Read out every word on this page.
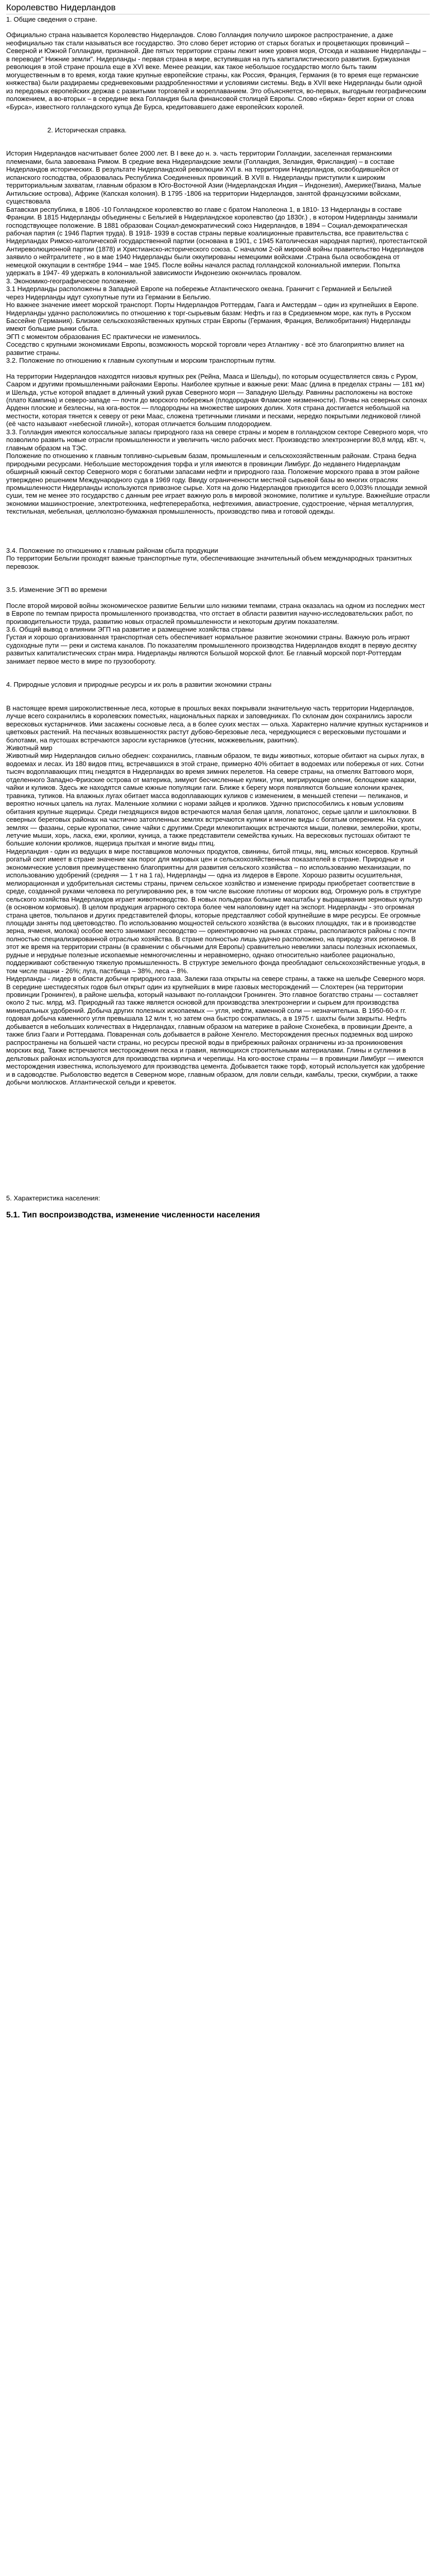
Королевство Нидерландов

1. Общие сведения о стране.

Официально страна называется Королевство Нидерландов. Слово Голландия получило широкое распространение, а даже неофициально так стали называться все государство. Это слово берет историю от старых богатых и процветающих провинций – Северной и Южной Голландии, признаной. Две пятых территории страны лежит ниже уровня моря, Отсюда и название Нидерланды – в переводе" Нижние земли". Нидерланды - первая страна в мире, вступившая на путь капиталистического развития. Буржуазная революция в этой стране прошла еще в ХVI веке. Менее реакции, как такое небольшое государство могло быть таким могущественным в то время, когда такие крупные европейские страны, как Россия, Франция, Германия (в то время еще германские княжества) были раздираемы средневековыми раздробленностями и условиями системы. Ведь в XVII веке Нидерланды были одной из передовых европейских держав с развитыми торговлей и мореплаванием. Это объясняется, во-первых, выгодным географическим положением, а во-вторых – в середине века Голландия была финансовой столицей Европы. Слово «биржа» берет корни от слова «Бурса», известного голландского купца Де Бурса, кредитовавшего даже европейских королей.

2. Историческая справка.

История Нидерландов насчитывает более 2000 лет. В I веке до н. э. часть территории Голландии, заселенная германскими племенами, была завоевана Римом. В средние века Нидерландские земли (Голландия, Зеландия, Фрисландия) – в составе Нидерландов исторических. В результате Нидерландской революции XVI в. на территории Нидерландов, освободившейся от испанского господства, образовалась Республика Соединенных провинций. В XVII в. Нидерланды приступили к широким территориальным захватам, главным образом в Юго-Восточной Азии (Нидерландская Индия – Индонезия), Америке(Гвиана, Малые Антильские острова), Африке (Капская колония). В 1795 -1806 на территории Нидерландов, занятой французскими войсками, существовала

Батавская республика, в 1806 -10 Голландское королевство во главе с братом Наполеона 1, в 1810- 13 Нидерланды в составе Франции. В 1815 Нидерланды объединены с Бельгией в Нидерландское королевство (до 1830г.) , в котором Нидерланды занимали господствующее положение. В 1881 образован Социал-демократический союз Нидерландов, в 1894 – Социал-демократическая рабочая партия (с 1946 Партия труда). В 1918- 1939 в состав страны первые коалиционные правительства, все правительства с Нидерландах Римско-католической государственной партии (основана в 1901, с 1945 Католическая народная партия), протестантской Антиреволюционной партии (1878) и Христианско-исторического союза. С началом 2-ой мировой войны правительство Нидерландов заявило о нейтралитете , но в мае 1940 Нидерланды были оккупированы немецкими войсками .Страна была освобождена от немецкой оккупации в сентябре 1944 – мае 1945. После войны начался распад голландской колониальной империи. Попытка удержать в 1947- 49 удержать в колониальной зависимости Индонезию окончилась провалом.

3. Экономико-географическое положение.

3.1 Нидерланды расположены в Западной Европе на побережье Атлантического океана. Граничит с Германией и Бельгией

через Нидерланды идут сухопутные пути из Германии в Бельгию.

Но важнее значение имеет морской транспорт. Порты Нидерландов Роттердам, Гаага и Амстердам – один из крупнейших в Европе.

Нидерланды удачно расположились по отношению к торг-сырьевым базам: Нефть и газ в Средиземном море, как путь в Русском Бассейне (Германия). Близкие сельскохозяйственных крупных стран Европы (Германия, Франция, Великобритания) Нидерланды имеют большие рынки сбыта.

ЭГП с моментом образования ЕС практически не изменилось.

Соседство с крупными экономиками Европы, возможность морской торговли через Атлантику - всё это благоприятно влияет на развитие страны.

3.2. Положение по отношению к главным сухопутным и морским транспортным путям.

На территории Нидерландов находятся низовья крупных рек (Рейна, Мааса и Шельды), по которым осуществляется связь с Руром, Сааром и другими промышленными районами Европы. Наиболее крупные и важные реки: Маас (длина в пределах страны — 181 км) и Шельда, устье которой впадает в длинный узкий рукав Северного моря — Западную Шельду. Равнины расположены на востоке (плато Кампина) и северо-западе — почти до морского побережья (плодородная Фламские низменности). Почвы на северных склонах Арденн плоские и безлесны, на юга-восток — плодородны на множестве широких долин. Хотя страна достигается небольшой на местности, которая тянется к северу от реки Маас, сложена третичными глинами и песками, нередко покрытыми ледниковой глиной (её часто называют «небесной глиной»), которая отличается большим плодородием.

3.3. Голландия имеются колоссальные запасы природного газа на севере страны и морем в голландском секторе Северного моря, что позволило развить новые отрасли промышленности и увеличить число рабочих мест. Производство электроэнергии 80,8 млрд. кВт. ч, главным образом на ТЭС.

Положение по отношению к главным топливно-сырьевым базам, промышленным и сельскохозяйственным районам. Страна бедна природными ресурсами. Небольшие месторождения торфа и угля имеются в провинции Лимбург. До недавнего Нидерландам обширный южный сектор Северного моря с богатыми запасами нефти и природного газа. Положение морского права в этом районе утверждено решением Международного суда в 1969 году. Ввиду ограниченности местной сырьевой базы во многих отраслях промышленности Нидерланды используются привозное сырье. Хотя на долю Нидерландов приходится всего 0,003% площади земной суши, тем не менее это государство с данным рее играет важную роль в мировой экономике, политике и культуре. Важнейшие отрасли экономики машиностроение, электротехника, нефтепереработка, нефтехимия, авиастроение, судостроение, чёрная металлургия, текстильная, мебельная, целлюлозно-бумажная промышленность, производство пива и готовой одежды.

3.4. Положение по отношению к главным районам сбыта продукции

По территории Бельгии проходят важные транспортные пути, обеспечивающие значительный объем международных транзитных перевозок.

3.5. Изменение ЭГП во времени

После второй мировой войны экономическое развитие Бельгии шло низкими темпами, страна оказалась на одном из последних мест в Европе по темпам прироста промышленного производства, что отстает в области развития научно-исследовательских работ, по производительности труда, развитию новых отраслей промышленности и некоторым другим показателям.

3.6. Общий вывод о влиянии ЭГП на развитие и размещение хозяйства страны

Густая и хорошо организованная транспортная сеть обеспечивает нормальное развитие экономики страны. Важную роль играют судоходные пути — реки и система каналов. По показателям промышленного производства Нидерландов входят в первую десятку развитых капиталистических стран мира. Нидерланды являются Большой морской флот. Бе главный морской порт-Роттердам занимает первое место в мире по грузообороту.

4. Природные условия и природные ресурсы и их роль в развитии экономики страны

В настоящее время широколиственные леса, которые в прошлых веках покрывали значительную часть территории Нидерландов, лучше всего сохранились в королевских поместьях, национальных парках и заповедниках. По склонам дюн сохранились заросли вересковых кустарничков. Ими засажены сосновые леса, а в более сухих местах — ольха. Характерно наличие крупных кустарников и цветковых растений. На песчаных возвышенностях растут дубово-березовые леса, чередующиеся с вересковыми пустошами и болотами, на пустошах встречаются заросли кустарников (утесник, можжевельник, ракитник).

Животный мир

Животный мир Нидерландов сильно обеднен: сохранились, главным образом, те виды животных, которые обитают на сырых лугах, в водоемах и лесах. Из 180 видов птиц, встречавшихся в этой стране, примерно 40% обитает в водоемах или побережья от них. Сотни тысяч водоплавающих птиц гнездятся в Нидерландах во время зимних перелетов. На севере страны, на отмелях Ваттового моря, отделенного Западно-Фризские острова от материка, зимуют бесчисленные кулики, утки, мигрирующие олени, белощекие казарки, чайки и куликов. Здесь же находятся самые южные популяции гаги. Ближе к берегу моря появляются большие колонии крачек, травника, тупиков. На влажных лугах обитает масса водоплавающих куликов с изменением, в меньшей степени — пеликанов, и вероятно ночных цапель на лугах. Маленькие холмики с норами зайцев и кроликов. Удачно приспособились к новым условиям обитания крупные ящерицы. Среди гнездящихся видов встречаются малая белая цапля, лопатонос, серые цапли и шилоклювки. В северных береговых районах на частично затопленных землях встречаются кулики и многие виды с богатым оперением. На сухих землях — фазаны, серые куропатки, синие чайки с другими.Среди млекопитающих встречаются мыши, полевки, землеройки, кроты, летучие мыши, хорь, ласка, ежи, кролики, куница, а также представители семейства куньих. На вересковых пустошах обитают те большие колонии кроликов, ящерица прыткая и многие виды птиц.

Нидерландия - один из ведущих в мире поставщиков молочных продуктов, свинины, битой птицы, яиц, мясных консервов. Крупный рогатый скот имеет в стране значение как порог для мировых цен и сельскохозяйственных показателей в стране. Природные и экономические условия преимущественно благоприятны для развития сельского хозяйства – по использованию механизации, по использованию удобрений (средняя — 1 т на 1 га), Нидерланды — одна из лидеров в Европе. Хорошо развиты осушительная, мелиорационная и удобрительная системы страны, причем сельское хозяйство и изменение природы приобретает соответствие в среде, созданной руками человека по регулированию рек, в том числе высокие плотины от морских вод. Огромную роль в структуре сельского хозяйства Нидерландов играет животноводство. В новых польдерах большие масштабы у выращивания зерновых культур (в основном кормовых). В целом продукция аграрного сектора более чем наполовину идет на экспорт. Нидерланды - это огромная страна цветов, тюльпанов и других представителей флоры, которые представляют собой крупнейшие в мире ресурсы. Ее огромные площади заняты под цветоводство. По использованию мощностей сельского хозяйства (в высоких площадях, так и в производстве зерна, ячменя, молока) особое место занимают лесоводство — ориентировочно на рынках страны, располагаются районы с почти полностью специализированной отраслью хозяйства. В стране полностью лишь удачно расположено, на природу этих регионов. В этот же время на территории страны (в сравнении с обычными для Европы) сравнительно невелики запасы полезных ископаемых, рудные и нерудные полезные ископаемые немногочисленны и неравномерно, однако относительно наиболее рационально, поддерживают собственную тяжелую промышленность. В структуре земельного фонда преобладают сельскохозяйственные угодья, в том числе пашни - 26%; луга, пастбища – 38%, леса – 8%.

Нидерланды - лидер в области добычи природного газа. Залежи газа открыты на севере страны, а также на шельфе Северного моря. В середине шестидесятых годов был открыт один из крупнейших в мире газовых месторождений — Слохтерен (на территории провинции Гронинген), в районе шельфа, который называют по-голландски Гронинген. Это главное богатство страны — составляет около 2 тыс. млрд. м3. Природный газ также является основой для производства электроэнергии и сырьем для производства минеральных удобрений. Добыча других полезных ископаемых — угля, нефти, каменной соли — незначительна. В 1950-60-х гг. годовая добыча каменного угля превышала 12 млн т, но затем она быстро сократилась, а в 1975 г. шахты были закрыты. Нефть добывается в небольших количествах в Нидерландах, главным образом на материке в районе Схонебека, в провинции Дренте, а также близ Гааги и Роттердама. Поваренная соль добывается в районе Хенгело. Месторождения пресных подземных вод широко распространены на большей части страны, но ресурсы пресной воды в прибрежных районах ограничены из-за проникновения морских вод. Также встречаются месторождения песка и гравия, являющихся строительными материалами. Глины и суглинки в дельтовых районах используются для производства кирпича и черепицы. На юго-востоке страны — в провинции Лимбург — имеются месторождения известняка, используемого для производства цемента. Добывается также торф, который используется как удобрение и в садоводстве. Рыболовство ведется в Северном море, главным образом, для ловли сельди, камбалы, трески, скумбрии, а также добычи моллюсков. Атлантической сельди и креветок.

5. Характеристика населения:

5.1. Тип воспроизводства, изменение численности населения
